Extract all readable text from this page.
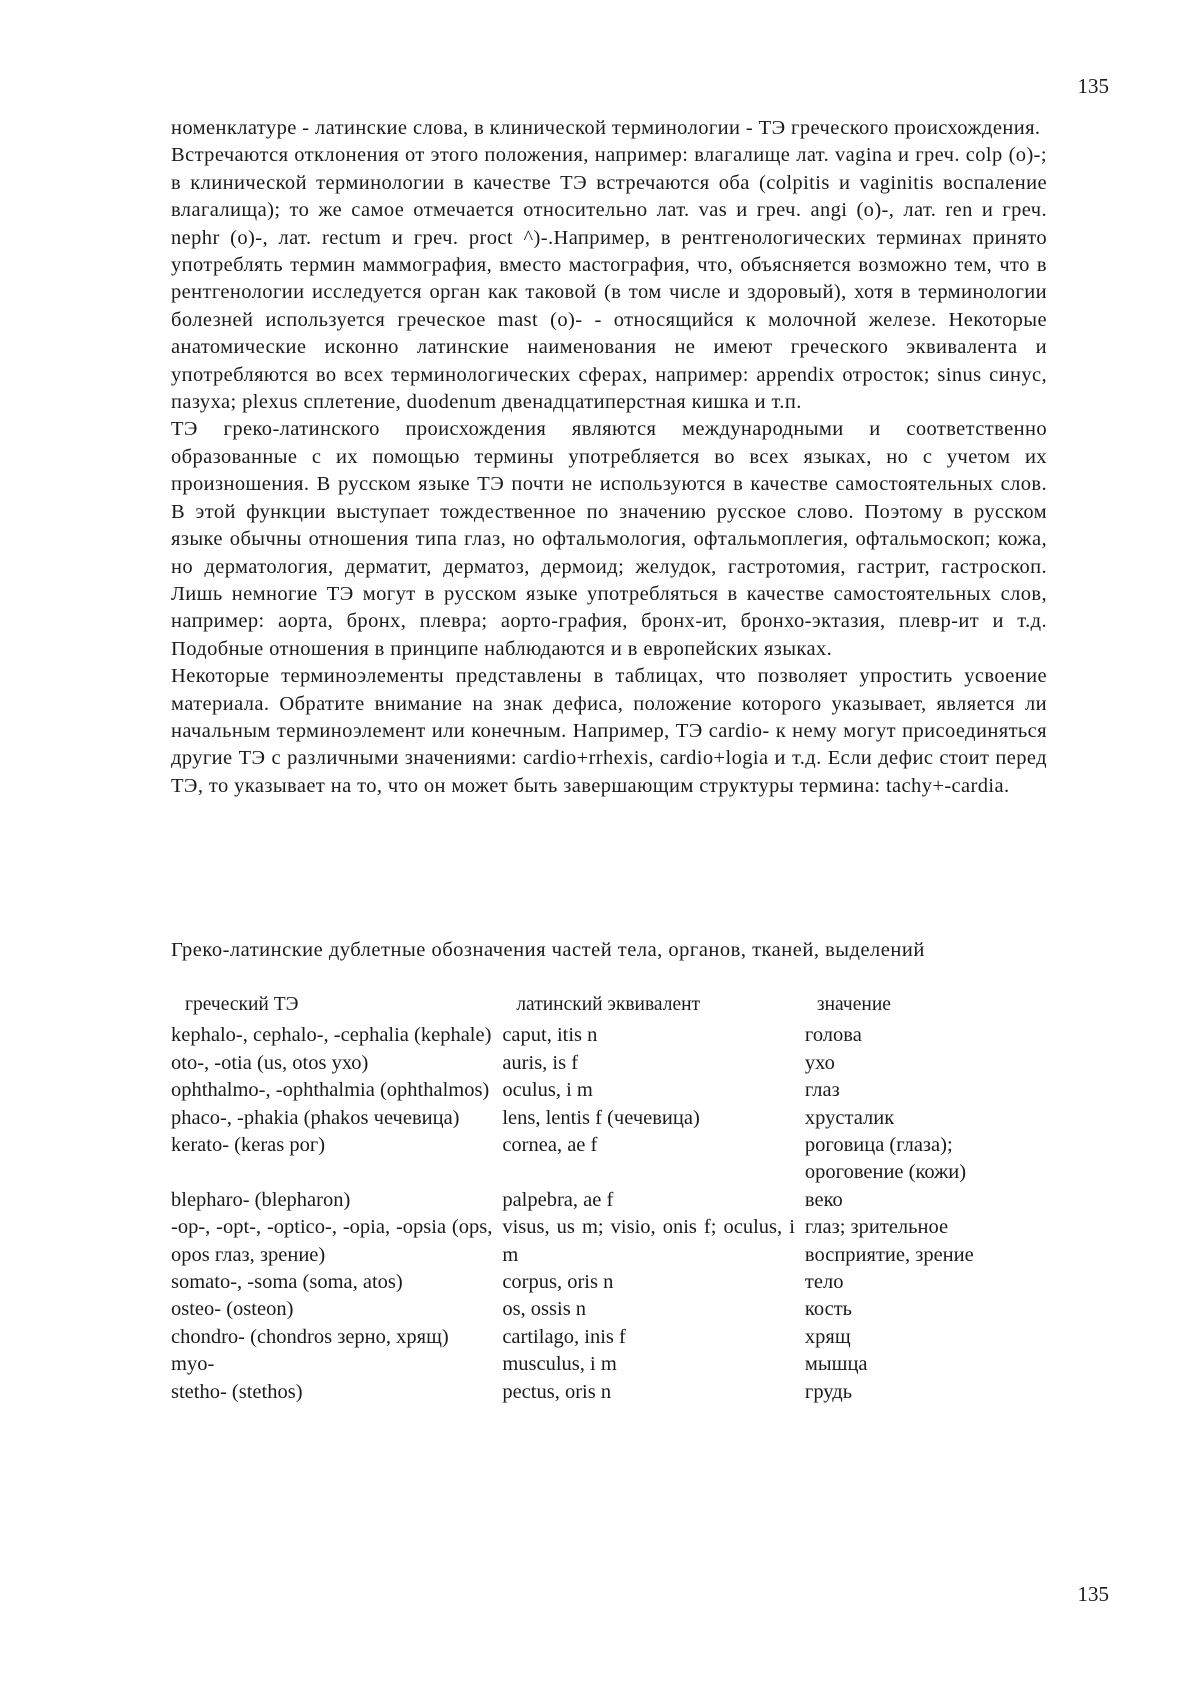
135

номенклатуре - латинские слова, в клинической терминологии - ТЭ греческого происхождения.

Встречаются отклонения от этого положения, например: влагалище лат. vagina и греч. colp (o)-; в клинической терминологии в качестве ТЭ встречаются оба (colpitis и vaginitis воспаление влагалища); то же самое отмечается относительно лат. vas и греч. angi (o)-, лат. ren и греч. nephr (o)-, лат. rectum и греч. proct ^)-.Например, в рентгенологических терминах принято употреблять термин маммография, вместо мастография, что, объясняется возможно тем, что в рентгенологии исследуется орган как таковой (в том числе и здоровый), хотя в терминологии болезней используется греческое mast (o)- - относящийся к молочной железе. Некоторые анатомические исконно латинские наименования не имеют греческого эквивалента и употребляются во всех терминологических сферах, например: appendix отросток; sinus синус, пазуха; plexus сплетение, duodenum двенадцатиперстная кишка и т.п.

ТЭ греко-латинского происхождения являются международными и соответственно образованные с их помощью термины употребляется во всех языках, но с учетом их произношения. В русском языке ТЭ почти не используются в качестве самостоятельных слов. В этой функции выступает тождественное по значению русское слово. Поэтому в русском языке обычны отношения типа глаз, но офтальмология, офтальмоплегия, офтальмоскоп; кожа, но дерматология, дерматит, дерматоз, дермоид; желудок, гастротомия, гастрит, гастроскоп. Лишь немногие ТЭ могут в русском языке употребляться в качестве самостоятельных слов, например: аорта, бронх, плевра; аорто-графия, бронх-ит, бронхо-эктазия, плевр-ит и т.д. Подобные отношения в принципе наблюдаются и в европейских языках.

Некоторые терминоэлементы представлены в таблицах, что позволяет упростить усвоение материала. Обратите внимание на знак дефиса, положение которого указывает, является ли начальным терминоэлемент или конечным. Например, ТЭ cardio- к нему могут присоединяться другие ТЭ с различными значениями: cardio+rrhexis, cardio+logia и т.д. Если дефис стоит перед ТЭ, то указывает на то, что он может быть завершающим структуры термина: tachy+-cardia.

Греко-латинские дублетные обозначения частей тела, органов, тканей, выделений
греческий ТЭ	латинский эквивалент	значение
kephalo-, cephalo-, -cephalia (kephale)	caput, itis n	голова
oto-, -otia (us, otos ухо)	auris, is f	ухо
ophthalmo-, -ophthalmia (ophthalmos)	oculus, i m	глаз
phaco-, -phakia (phakos чечевица)	lens, lentis f (чечевица)	хрусталик
kerato- (keras рог)	cornea, ae f	роговица (глаза); ороговение (кожи)
blepharo- (blepharon)	palpebra, ae f	веко
-op-, -opt-, -optico-, -opia, -opsia (ops, opos глаз, зрение)	visus, us m; visio, onis f; oculus, i m	глаз; зрительное восприятие, зрение
somato-, -soma (soma, atos)	corpus, oris n	тело
osteo- (osteon)	os, ossis n	кость
chondro- (chondros зерно, хрящ)	cartilago, inis f	хрящ
myo-	musculus, i m	мышца
stetho- (stethos)	pectus, oris n	грудь
135
